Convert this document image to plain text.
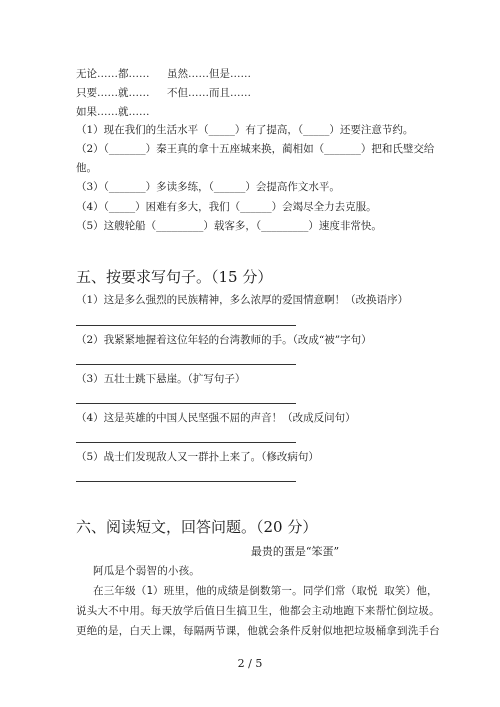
无论……都…… 虽然……但是……
只要……就…… 不但……而且……
如果……就……
（1）现在我们的生活水平（_____）有了提高，（_____）还要注意节约。
（2）（_______）秦王真的拿十五座城来换，蔺相如（_______）把和氏璧交给
他。
（3）（_______）多读多练，（______）会提高作文水平。
（4）（_____）困难有多大，我们（______）会竭尽全力去克服。
（5）这艘轮船（_________）载客多，（_________）速度非常快。
五、按要求写句子。（15 分）
（1）这是多么强烈的民族精神，多么浓厚的爱国情意啊！（改换语序）
（2）我紧紧地握着这位年轻的台湾教师的手。（改成“被”字句）
（3）五壮士跳下悬崖。（扩写句子）
（4）这是英雄的中国人民坚强不屈的声音！（改成反问句）
（5）战士们发现敌人又一群扑上来了。（修改病句）
六、阅读短文，回答问题。（20 分）
最贵的蛋是“笨蛋”
阿瓜是个弱智的小孩。
在三年级（1）班里，他的成绩是倒数第一。同学们常（取悦 取笑）他，
说头大不中用。每天放学后值日生搞卫生，他都会主动地跑下来帮忙倒垃圾。
更绝的是，白天上课，每隔两节课，他就会条件反射似地把垃圾桶拿到洗手台
2 / 5
